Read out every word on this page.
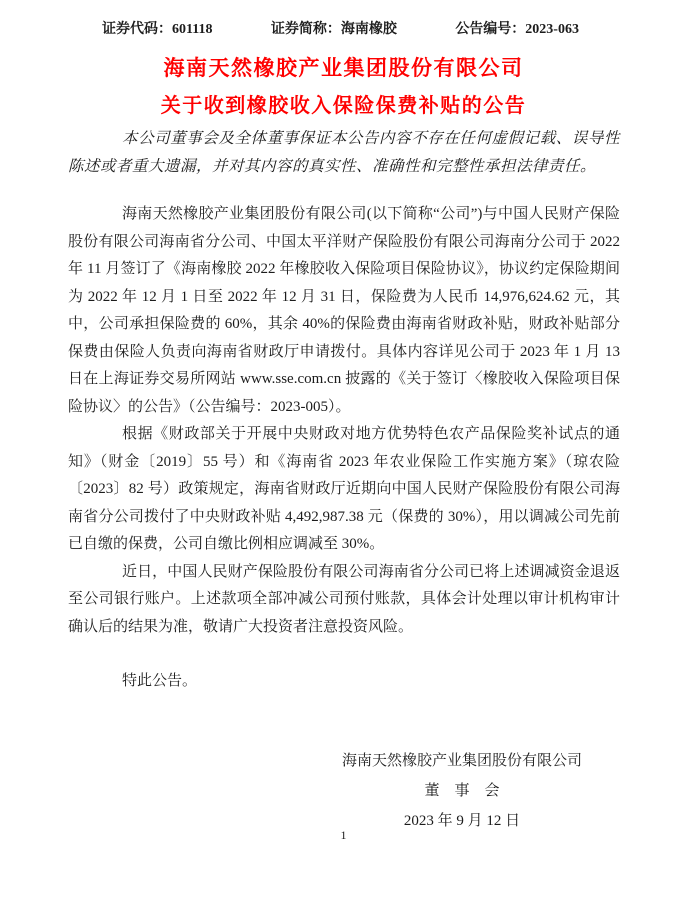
证券代码：601118	证券简称：海南橡胶	公告编号：2023-063
海南天然橡胶产业集团股份有限公司
关于收到橡胶收入保险保费补贴的公告

本公司董事会及全体董事保证本公告内容不存在任何虚假记载、误导性陈述或者重大遗漏，并对其内容的真实性、准确性和完整性承担法律责任。

海南天然橡胶产业集团股份有限公司(以下简称“公司”)与中国人民财产保险股份有限公司海南省分公司、中国太平洋财产保险股份有限公司海南分公司于 2022 年 11 月签订了《海南橡胶 2022 年橡胶收入保险项目保险协议》，协议约定保险期间为 2022 年 12 月 1 日至 2022 年 12 月 31 日，保险费为人民币 14,976,624.62 元，其中，公司承担保险费的 60%，其余 40%的保险费由海南省财政补贴，财政补贴部分保费由保险人负责向海南省财政厅申请拨付。具体内容详见公司于 2023 年 1 月 13 日在上海证券交易所网站 www.sse.com.cn 披露的《关于签订〈橡胶收入保险项目保险协议〉的公告》（公告编号：2023-005）。

根据《财政部关于开展中央财政对地方优势特色农产品保险奖补试点的通知》（财金〔2019〕55 号）和《海南省 2023 年农业保险工作实施方案》（琼农险〔2023〕82 号）政策规定，海南省财政厅近期向中国人民财产保险股份有限公司海南省分公司拨付了中央财政补贴 4,492,987.38 元（保费的 30%），用以调减公司先前已自缴的保费，公司自缴比例相应调减至 30%。

近日，中国人民财产保险股份有限公司海南省分公司已将上述调减资金退返至公司银行账户。上述款项全部冲减公司预付账款，具体会计处理以审计机构审计确认后的结果为准，敬请广大投资者注意投资风险。

特此公告。

海南天然橡胶产业集团股份有限公司
董　事　会
2023 年 9 月 12 日
1
